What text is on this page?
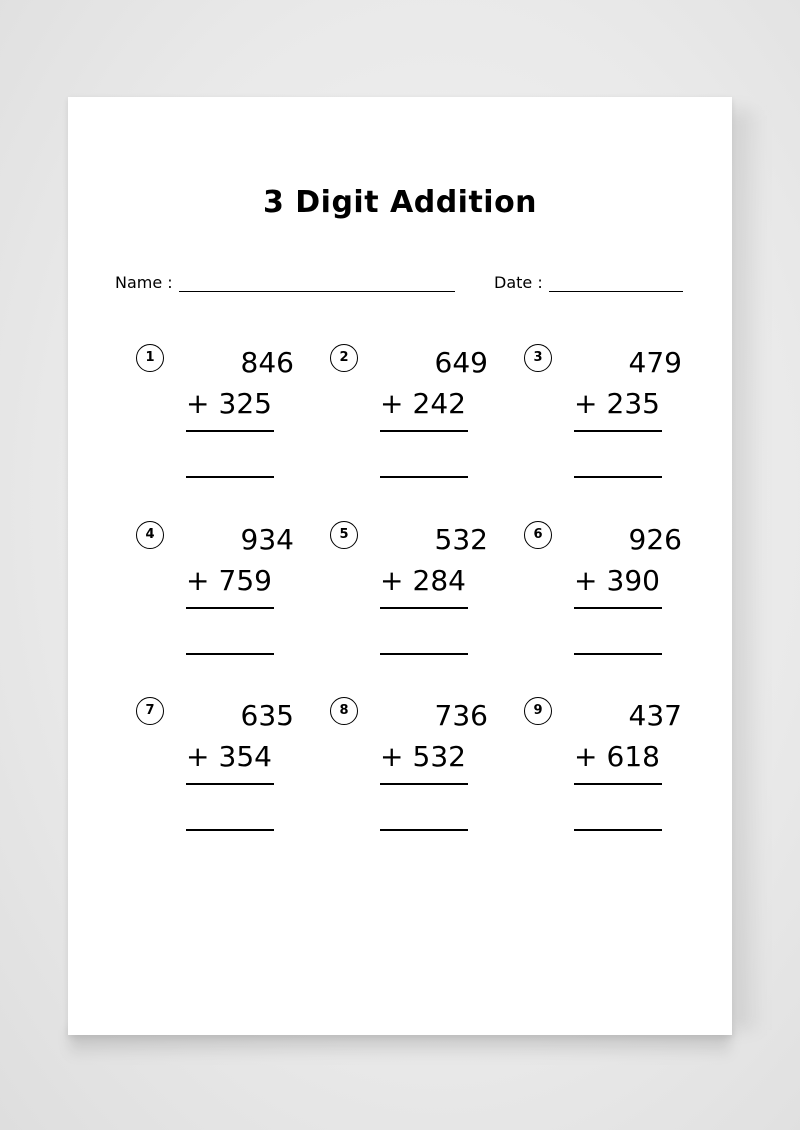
3 Digit Addition
Name :	Date :
1	846
+ 325
2	649
+ 242
3	479
+ 235
4	934
+ 759
5	532
+ 284
6	926
+ 390
7	635
+ 354
8	736
+ 532
9	437
+ 618
